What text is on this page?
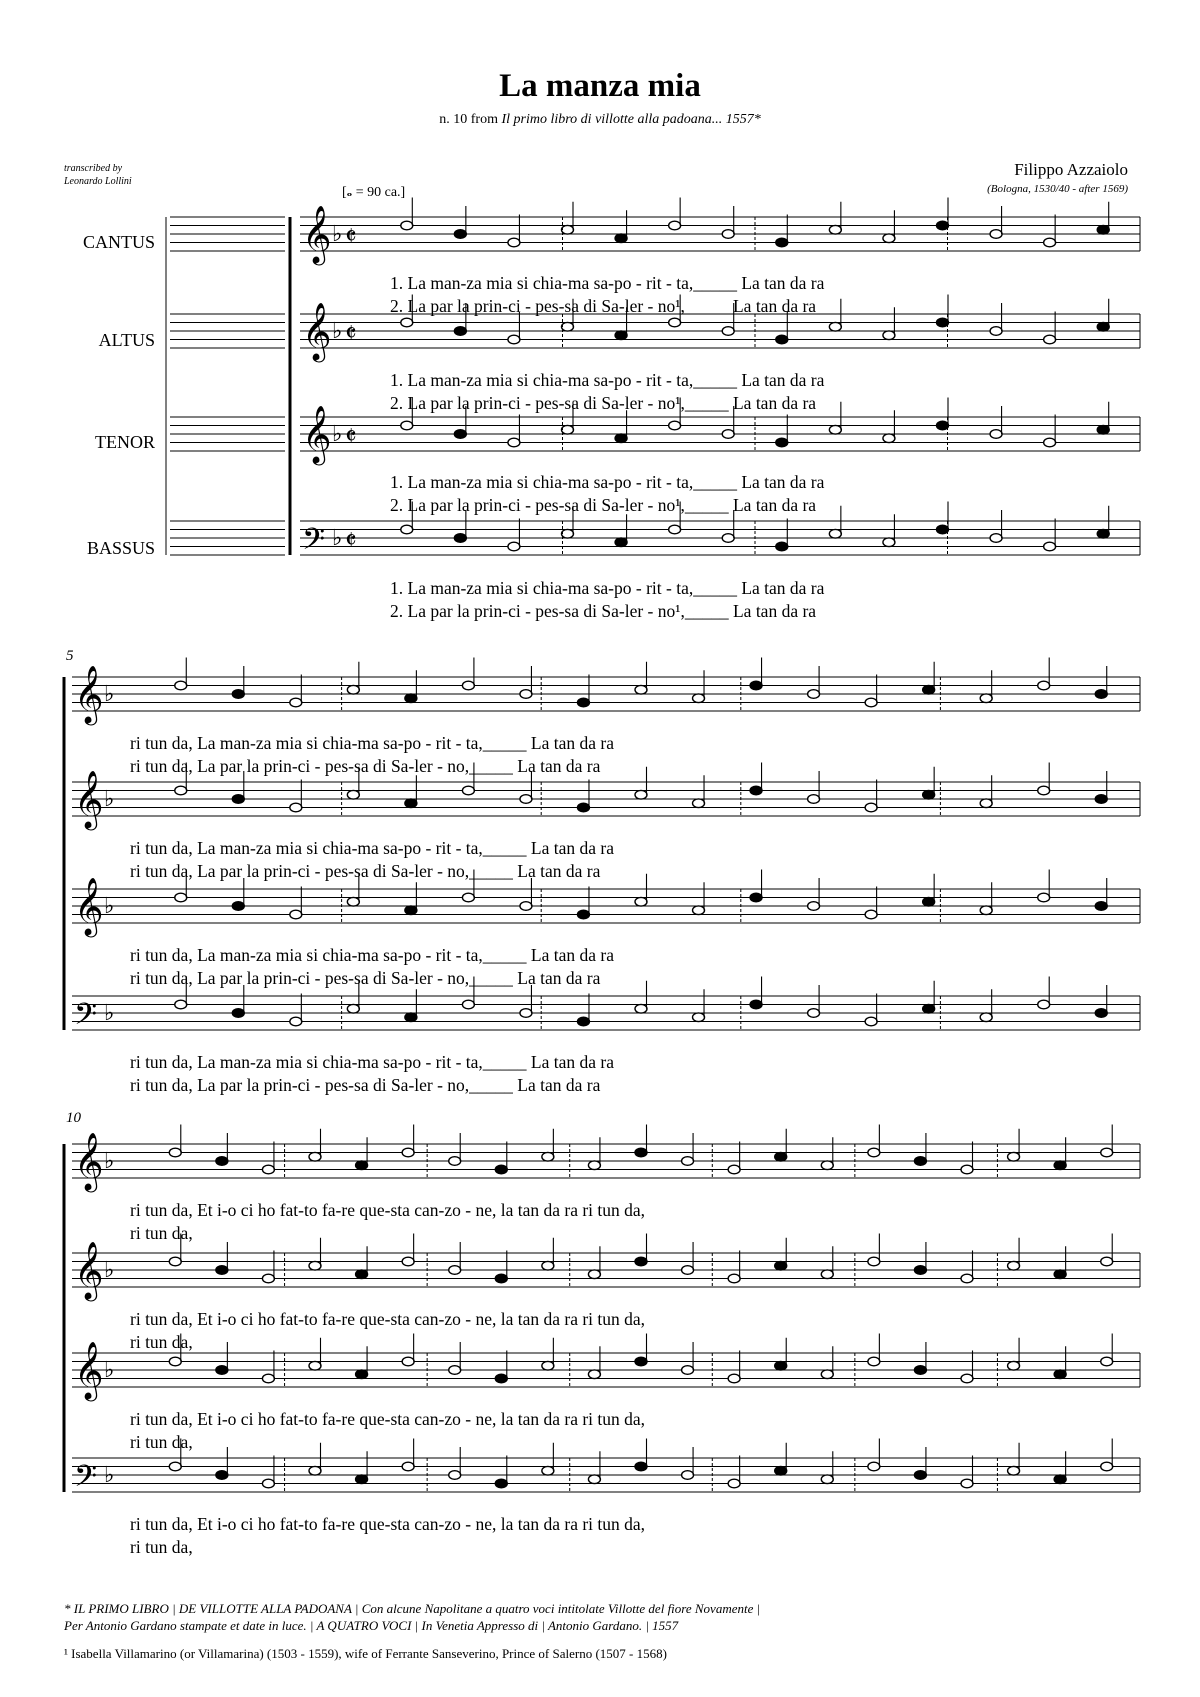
La manza mia
n. 10 from Il primo libro di villotte alla padoana... 1557*
transcribed by
Leonardo Lollini
Filippo Azzaiolo
(Bologna, 1530/40 - after 1569)
[𝅝 = 90 ca.]
CANTUS
ALTUS
TENOR
BASSUS
5
10
𝄞 ♭ 𝄵
𝄞 ♭ 𝄵
𝄞 ♭ 𝄵
𝄢 ♭ 𝄵
𝄞 ♭
𝄞 ♭
𝄞 ♭
𝄢 ♭
𝄞 ♭
𝄞 ♭
𝄞 ♭
𝄢 ♭
1. La man-za mia si chia-ma sa-po - rit - ta,_____ La tan da ra
2. La par la prin-ci - pes-sa di Sa-ler - no¹,_____ La tan da ra
1. La man-za mia si chia-ma sa-po - rit - ta,_____ La tan da ra
2. La par la prin-ci - pes-sa di Sa-ler - no¹,_____ La tan da ra
1. La man-za mia si chia-ma sa-po - rit - ta,_____ La tan da ra
2. La par la prin-ci - pes-sa di Sa-ler - no¹,_____ La tan da ra
1. La man-za mia si chia-ma sa-po - rit - ta,_____ La tan da ra
2. La par la prin-ci - pes-sa di Sa-ler - no¹,_____ La tan da ra
ri tun da, La man-za mia si chia-ma sa-po - rit - ta,_____ La tan da ra
ri tun da, La par la prin-ci - pes-sa di Sa-ler - no,_____ La tan da ra
ri tun da, La man-za mia si chia-ma sa-po - rit - ta,_____ La tan da ra
ri tun da, La par la prin-ci - pes-sa di Sa-ler - no,_____ La tan da ra
ri tun da, La man-za mia si chia-ma sa-po - rit - ta,_____ La tan da ra
ri tun da, La par la prin-ci - pes-sa di Sa-ler - no,_____ La tan da ra
ri tun da, La man-za mia si chia-ma sa-po - rit - ta,_____ La tan da ra
ri tun da, La par la prin-ci - pes-sa di Sa-ler - no,_____ La tan da ra
ri tun da, Et i-o ci ho fat-to fa-re que-sta can-zo - ne, la tan da ra ri tun da,
ri tun da,
ri tun da, Et i-o ci ho fat-to fa-re que-sta can-zo - ne, la tan da ra ri tun da,
ri tun da,
ri tun da, Et i-o ci ho fat-to fa-re que-sta can-zo - ne, la tan da ra ri tun da,
ri tun da,
ri tun da, Et i-o ci ho fat-to fa-re que-sta can-zo - ne, la tan da ra ri tun da,
ri tun da,
* IL PRIMO LIBRO | DE VILLOTTE ALLA PADOANA | Con alcune Napolitane a quatro voci intitolate Villotte del fiore Novamente |
Per Antonio Gardano stampate et date in luce. | A QUATRO VOCI | In Venetia Appresso di | Antonio Gardano. | 1557
¹ Isabella Villamarino (or Villamarina) (1503 - 1559), wife of Ferrante Sanseverino, Prince of Salerno (1507 - 1568)
